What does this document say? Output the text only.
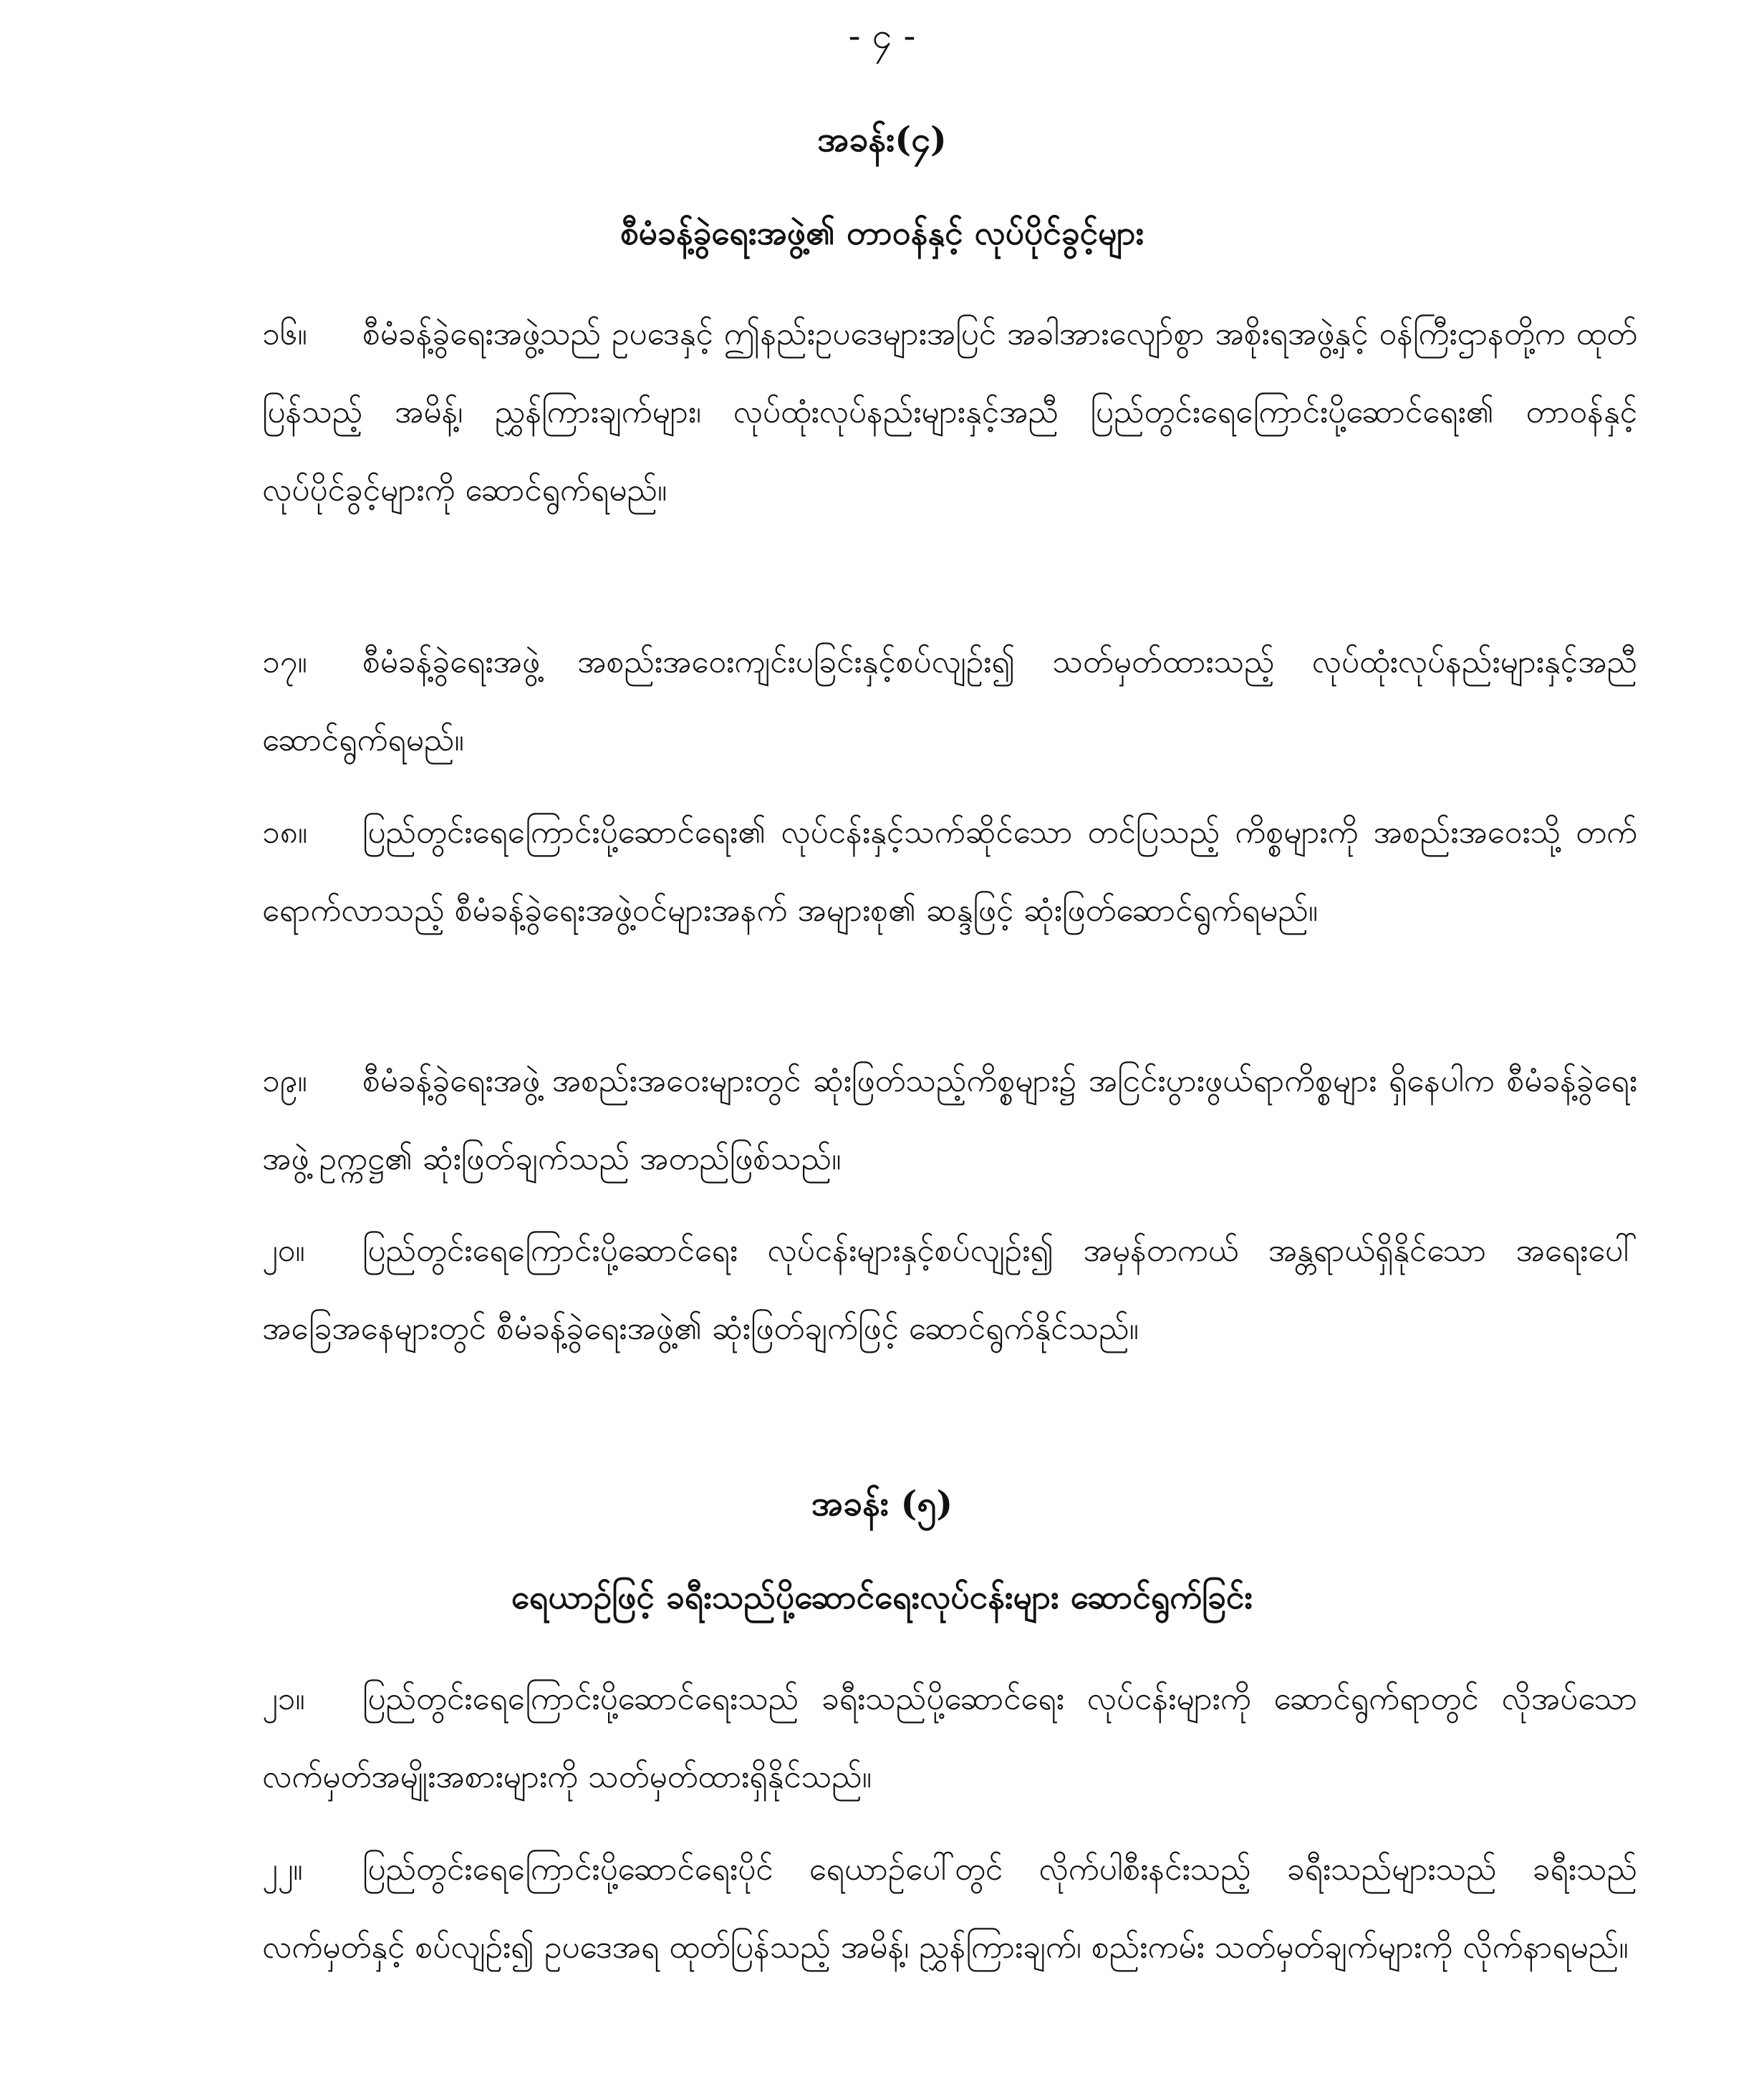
- ၄ -
အခန်း(၄)
စီမံခန့်ခွဲရေးအဖွဲ့၏ တာဝန်နှင့် လုပ်ပိုင်ခွင့်များ
၁၆။ စီမံခန့်ခွဲရေးအဖွဲ့သည် ဥပဒေနှင့် ဤနည်းဥပဒေများအပြင် အခါအားလျော်စွာ အစိုးရအဖွဲ့နှင့် ဝန်ကြီးဌာနတို့က ထုတ်ပြန်သည့် အမိန့်၊ ညွှန်ကြားချက်များ၊ လုပ်ထုံးလုပ်နည်းများနှင့်အညီ ပြည်တွင်းရေကြောင်းပို့ဆောင်ရေး၏ တာဝန်နှင့် လုပ်ပိုင်ခွင့်များကို ဆောင်ရွက်ရမည်။
၁၇။ စီမံခန့်ခွဲရေးအဖွဲ့ အစည်းအဝေးကျင်းပခြင်းနှင့်စပ်လျဉ်း၍ သတ်မှတ်ထားသည့် လုပ်ထုံးလုပ်နည်းများနှင့်အညီ ဆောင်ရွက်ရမည်။
၁၈။ ပြည်တွင်းရေကြောင်းပို့ဆောင်ရေး၏ လုပ်ငန်းနှင့်သက်ဆိုင်သော တင်ပြသည့် ကိစ္စများကို အစည်းအဝေးသို့ တက်ရောက်လာသည့် စီမံခန့်ခွဲရေးအဖွဲ့ဝင်များအနက် အများစု၏ ဆန္ဒဖြင့် ဆုံးဖြတ်ဆောင်ရွက်ရမည်။
၁၉။ စီမံခန့်ခွဲရေးအဖွဲ့ အစည်းအဝေးများတွင် ဆုံးဖြတ်သည့်ကိစ္စများ၌ အငြင်းပွားဖွယ်ရာကိစ္စများ ရှိနေပါက စီမံခန့်ခွဲရေးအဖွဲ့ ဥက္ကဋ္ဌ၏ ဆုံးဖြတ်ချက်သည် အတည်ဖြစ်သည်။
၂၀။ ပြည်တွင်းရေကြောင်းပို့ဆောင်ရေး လုပ်ငန်းများနှင့်စပ်လျဉ်း၍ အမှန်တကယ် အန္တရာယ်ရှိနိုင်သော အရေးပေါ်အခြေအနေများတွင် စီမံခန့်ခွဲရေးအဖွဲ့၏ ဆုံးဖြတ်ချက်ဖြင့် ဆောင်ရွက်နိုင်သည်။
အခန်း (၅)
ရေယာဉ်ဖြင့် ခရီးသည်ပို့ဆောင်ရေးလုပ်ငန်းများ ဆောင်ရွက်ခြင်း
၂၁။ ပြည်တွင်းရေကြောင်းပို့ဆောင်ရေးသည် ခရီးသည်ပို့ဆောင်ရေး လုပ်ငန်းများကို ဆောင်ရွက်ရာတွင် လိုအပ်သော လက်မှတ်အမျိုးအစားများကို သတ်မှတ်ထားရှိနိုင်သည်။
၂၂။ ပြည်တွင်းရေကြောင်းပို့ဆောင်ရေးပိုင် ရေယာဉ်ပေါ်တွင် လိုက်ပါစီးနင်းသည့် ခရီးသည်များသည် ခရီးသည်လက်မှတ်နှင့် စပ်လျဉ်း၍ ဥပဒေအရ ထုတ်ပြန်သည့် အမိန့်၊ ညွှန်ကြားချက်၊ စည်းကမ်း သတ်မှတ်ချက်များကို လိုက်နာရမည်။
